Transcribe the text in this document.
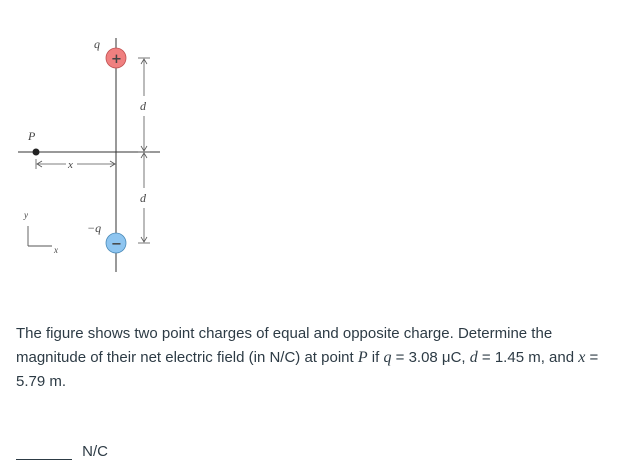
P
x
q
+
−q
−
d
d
y
x
The figure shows two point charges of equal and opposite charge. Determine the magnitude of their net electric field (in N/C) at point P if q = 3.08 μC, d = 1.45 m, and x = 5.79 m.
N/C
